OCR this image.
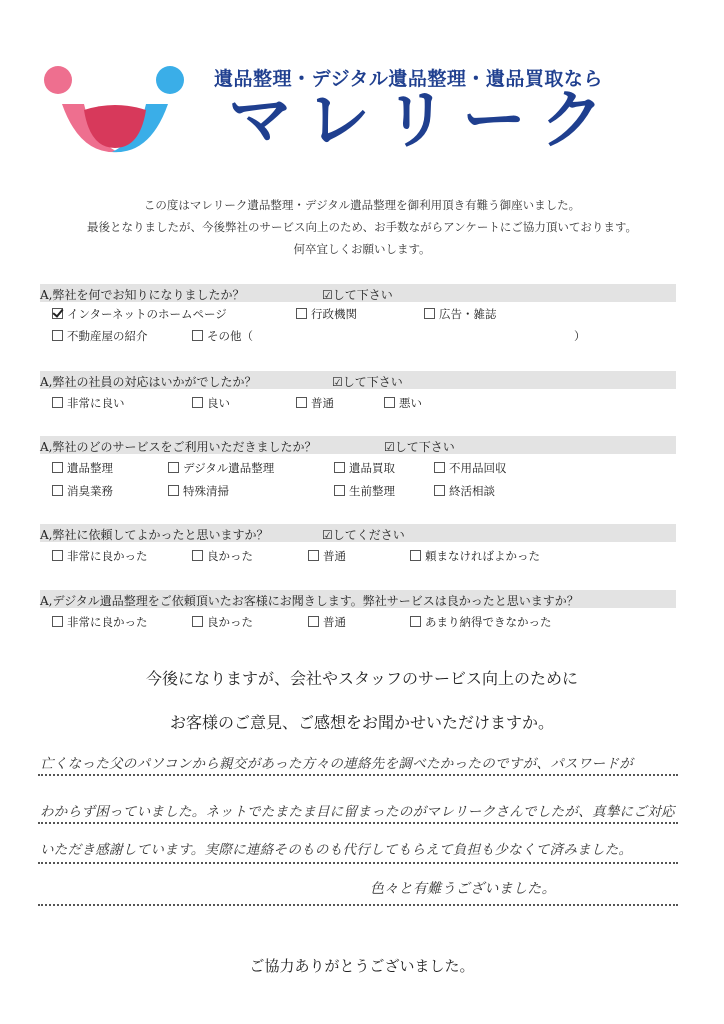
遺品整理・デジタル遺品整理・遺品買取なら
マレリーク
この度はマレリーク遺品整理・デジタル遺品整理を御利用頂き有難う御座いました。
最後となりましたが、今後弊社のサービス向上のため、お手数ながらアンケートにご協力頂いております。
何卒宜しくお願いします。
A,弊社を何でお知りになりましたか？	☑して下さい
インターネットのホームページ	行政機関	広告・雑誌
不動産屋の紹介	その他（	）
A,弊社の社員の対応はいかがでしたか？	☑して下さい
非常に良い	良い	普通	悪い
A,弊社のどのサービスをご利用いただきましたか？	☑して下さい
遺品整理	デジタル遺品整理	遺品買取	不用品回収
消臭業務	特殊清掃	生前整理	終活相談
A,弊社に依頼してよかったと思いますか？	☑してください
非常に良かった	良かった	普通	頼まなければよかった
A,デジタル遺品整理をご依頼頂いたお客様にお聞きします。弊社サービスは良かったと思いますか？
非常に良かった	良かった	普通	あまり納得できなかった
今後になりますが、会社やスタッフのサービス向上のために
お客様のご意見、ご感想をお聞かせいただけますか。
亡くなった父のパソコンから親交があった方々の連絡先を調べたかったのですが、パスワードが
わからず困っていました。ネットでたまたま目に留まったのがマレリークさんでしたが、真摯にご対応
いただき感謝しています。実際に連絡そのものも代行してもらえて負担も少なくて済みました。
色々と有難うございました。
ご協力ありがとうございました。
